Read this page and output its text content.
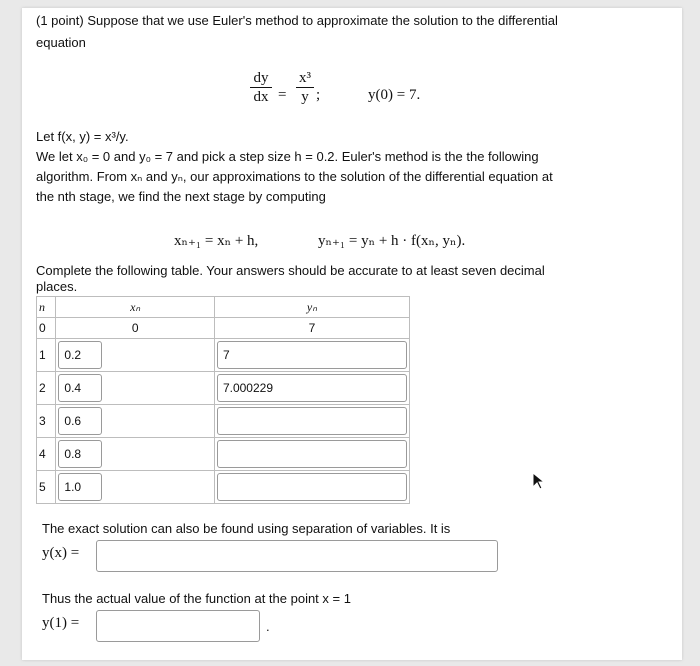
(1 point) Suppose that we use Euler's method to approximate the solution to the differential
equation
dy
dx =
x³
y ;	y(0) = 7.
Let f(x, y) = x³/y.
We let x₀ = 0 and y₀ = 7 and pick a step size h = 0.2. Euler's method is the the following
algorithm. From xₙ and yₙ, our approximations to the solution of the differential equation at
the nth stage, we find the next stage by computing
xₙ₊₁ = xₙ + h,	yₙ₊₁ = yₙ + h · f(xₙ, yₙ).
Complete the following table. Your answers should be accurate to at least seven decimal
places.
n	xₙ	yₙ
0	0	7
1	0.2	7

2	0.4	7.000229

3	0.6	

4	0.8	

5	1.0	

The exact solution can also be found using separation of variables. It is
y(x) =
Thus the actual value of the function at the point x = 1
y(1) =	.
